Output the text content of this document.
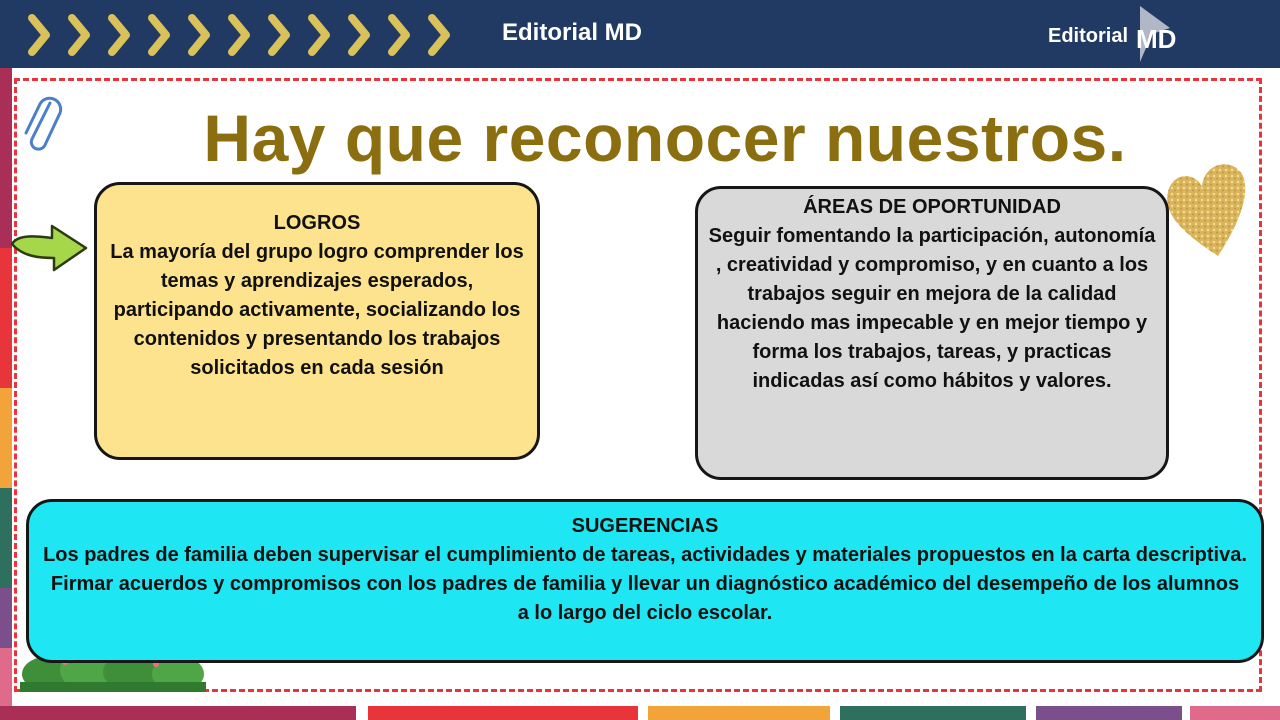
Editorial MD	Editorial MD
Hay que reconocer nuestros.
LOGROS
La mayoría del grupo logro comprender los temas y aprendizajes esperados, participando activamente, socializando los contenidos y presentando los trabajos solicitados en cada sesión
ÁREAS DE OPORTUNIDAD
Seguir fomentando la participación, autonomía , creatividad y compromiso, y en cuanto a los trabajos seguir en mejora de la calidad haciendo mas impecable y en mejor tiempo y forma los trabajos, tareas, y practicas indicadas así como hábitos y valores.
SUGERENCIAS
Los padres de familia deben supervisar el cumplimiento de tareas, actividades y materiales propuestos en la carta descriptiva.
Firmar acuerdos y compromisos con los padres de familia y llevar un diagnóstico académico del desempeño de los alumnos a lo largo del ciclo escolar.
